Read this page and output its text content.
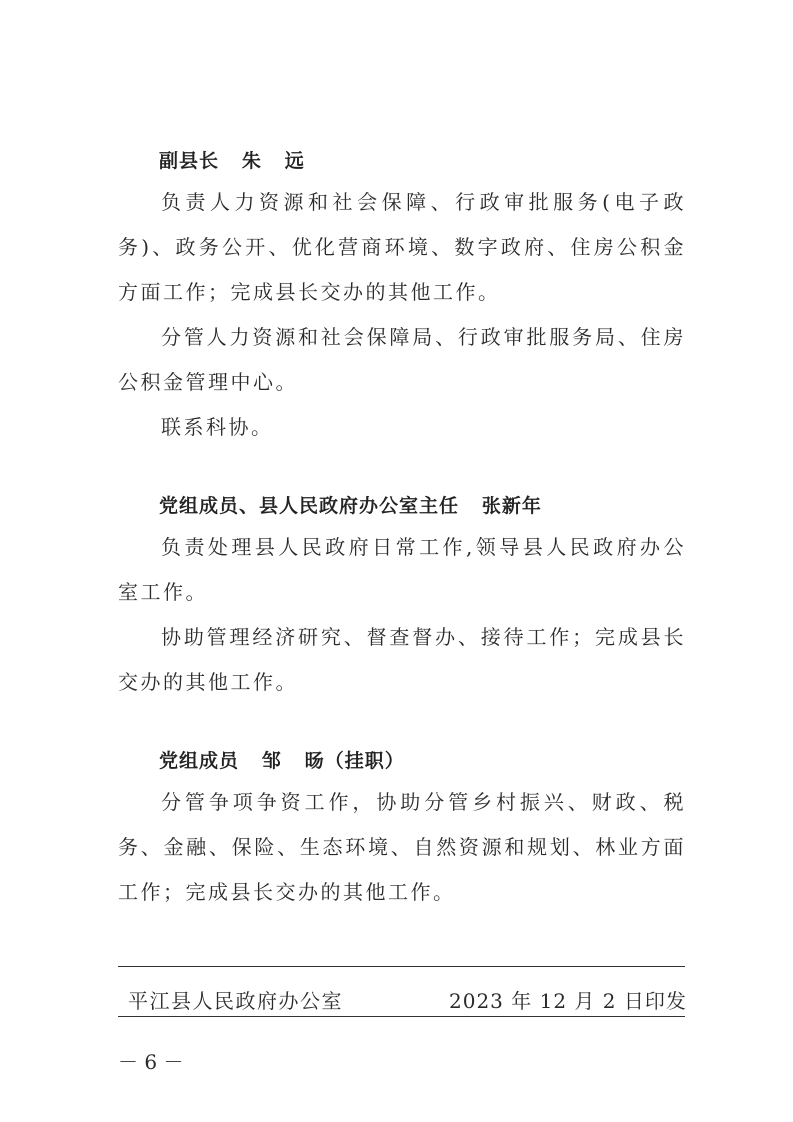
副县长   朱   远

负责人力资源和社会保障、行政审批服务(电子政务)、政务公开、优化营商环境、数字政府、住房公积金方面工作；完成县长交办的其他工作。

分管人力资源和社会保障局、行政审批服务局、住房公积金管理中心。

联系科协。

党组成员、县人民政府办公室主任   张新年

负责处理县人民政府日常工作,领导县人民政府办公室工作。

协助管理经济研究、督查督办、接待工作；完成县长交办的其他工作。

党组成员   邹   旸（挂职）

分管争项争资工作，协助分管乡村振兴、财政、税务、金融、保险、生态环境、自然资源和规划、林业方面工作；完成县长交办的其他工作。

平江县人民政府办公室	2023 年 12 月 2 日印发
－ 6 －
